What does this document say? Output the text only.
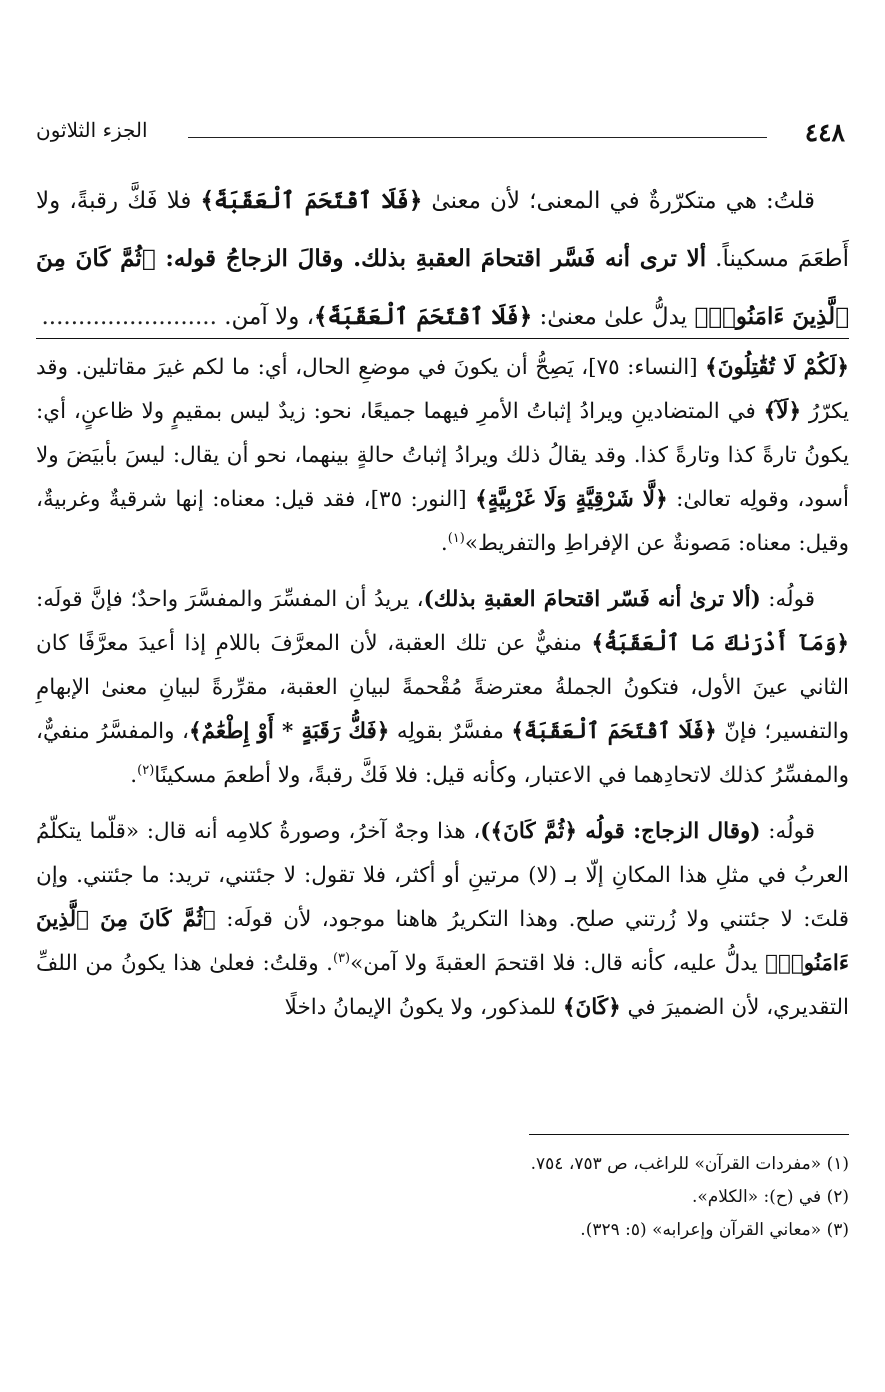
٤٤٨
الجزء الثلاثون

قلتُ: هي متكرّرةٌ في المعنى؛ لأن معنىٰ ﴿فَلَا ٱقْتَحَمَ ٱلْعَقَبَةَ﴾ فلا فَكَّ رقبةً، ولا أَطعَمَ مسكيناً. ألا ترى أنه فَسَّر اقتحامَ العقبةِ بذلك. وقالَ الزجاجُ قوله: ﴿ثُمَّ كَانَ مِنَ ٱلَّذِينَ ءَامَنُوا۟﴾ يدلُّ علىٰ معنىٰ: ﴿فَلَا ٱقْتَحَمَ ٱلْعَقَبَةَ﴾، ولا آمن. ........................

﴿لَكُمْ لَا تُقَٰتِلُونَ﴾ [النساء: ٧٥]، يَصِحُّ أن يكونَ في موضعِ الحال، أي: ما لكم غيرَ مقاتلين. وقد يكرّرُ ﴿لَآ﴾ في المتضادينِ ويرادُ إثباتُ الأمرِ فيهما جميعًا، نحو: زيدٌ ليس بمقيمٍ ولا ظاعنٍ، أي: يكونُ تارةً كذا وتارةً كذا. وقد يقالُ ذلك ويرادُ إثباتُ حالةٍ بينهما، نحو أن يقال: ليسَ بأبيَضَ ولا أسود، وقولِه تعالىٰ: ﴿لَّا شَرْقِيَّةٍ وَلَا غَرْبِيَّةٍ﴾ [النور: ٣٥]، فقد قيل: معناه: إنها شرقيةٌ وغربيةٌ، وقيل: معناه: مَصونةٌ عن الإفراطِ والتفريط»$^{(١)}$.

قولُه: (ألا ترىٰ أنه فَسّر اقتحامَ العقبةِ بذلك)، يريدُ أن المفسِّرَ والمفسَّرَ واحدٌ؛ فإنَّ قولَه: ﴿وَمَآ أَدْرَىٰكَ مَا ٱلْعَقَبَةُ﴾ منفيٌّ عن تلك العقبة، لأن المعرَّفَ باللامِ إذا أعيدَ معرَّفًا كان الثاني عينَ الأول، فتكونُ الجملةُ معترضةً مُقْحمةً لبيانِ العقبة، مقرِّرةً لبيانِ معنىٰ الإبهامِ والتفسير؛ فإنّ ﴿فَلَا ٱقْتَحَمَ ٱلْعَقَبَةَ﴾ مفسَّرٌ بقولِه ﴿فَكُّ رَقَبَةٍ * أَوْ إِطْعَٰمٌ﴾، والمفسَّرُ منفيٌّ، والمفسِّرُ كذلك لاتحادِهما في الاعتبار، وكأنه قيل: فلا فَكَّ رقبةً، ولا أطعمَ مسكينًا$^{(٢)}$.

قولُه: (وقال الزجاج: قولُه ﴿ثُمَّ كَانَ﴾)، هذا وجهٌ آخرُ، وصورةُ كلامِه أنه قال: «قلّما يتكلّمُ العربُ في مثلِ هذا المكانِ إلّا بـ (لا) مرتينِ أو أكثر، فلا تقول: لا جئتني، تريد: ما جئتني. وإن قلتَ: لا جئتني ولا زُرتني صلح. وهذا التكريرُ هاهنا موجود، لأن قولَه: ﴿ثُمَّ كَانَ مِنَ ٱلَّذِينَ ءَامَنُوا۟﴾ يدلُّ عليه، كأنه قال: فلا اقتحمَ العقبةَ ولا آمن»$^{(٣)}$. وقلتُ: فعلىٰ هذا يكونُ من اللفِّ التقديري، لأن الضميرَ في ﴿كَانَ﴾ للمذكور، ولا يكونُ الإيمانُ داخلًا

(١) «مفردات القرآن» للراغب، ص ٧٥٣، ٧٥٤.
(٢) في (ح): «الكلام».
(٣) «معاني القرآن وإعرابه» (٥: ٣٢٩).
